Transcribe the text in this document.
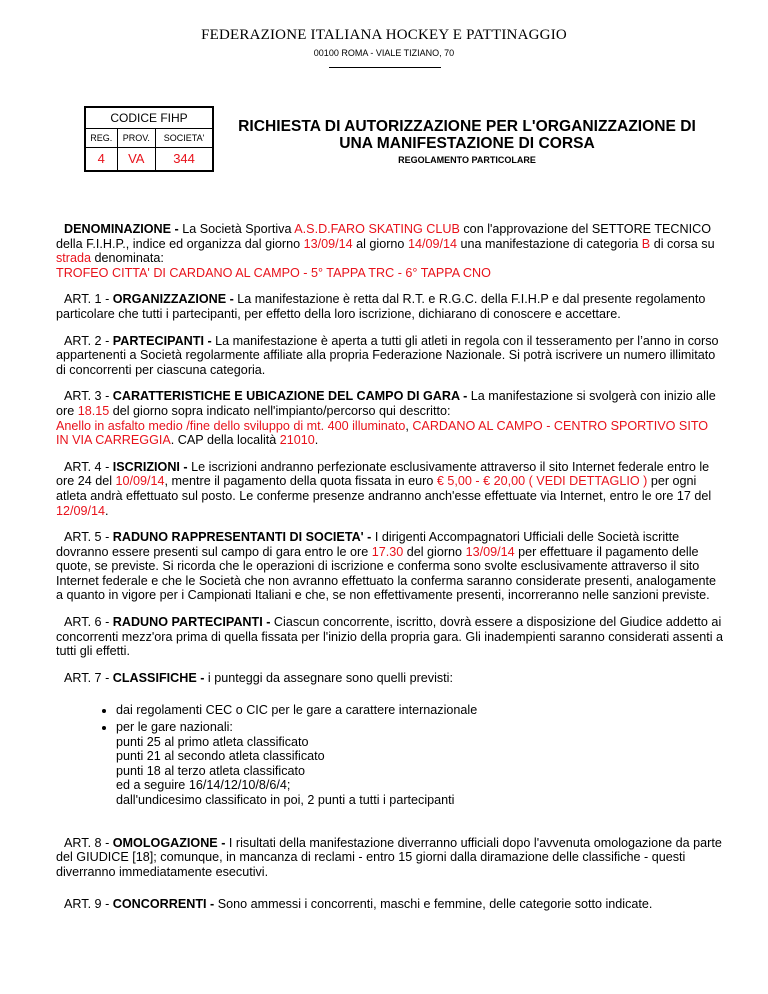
FEDERAZIONE ITALIANA HOCKEY E PATTINAGGIO
00100 ROMA - VIALE TIZIANO, 70
CODICE FIHP		
REG.	PROV.	SOCIETA'
4	VA	344
RICHIESTA DI AUTORIZZAZIONE PER L'ORGANIZZAZIONE DI UNA MANIFESTAZIONE DI CORSA
REGOLAMENTO PARTICOLARE

DENOMINAZIONE - La Società Sportiva A.S.D.FARO SKATING CLUB con l'approvazione del SETTORE TECNICO della F.I.H.P., indice ed organizza dal giorno 13/09/14 al giorno 14/09/14 una manifestazione di categoria B di corsa su strada denominata:
TROFEO CITTA' DI CARDANO AL CAMPO - 5° TAPPA TRC - 6° TAPPA CNO

ART. 1 - ORGANIZZAZIONE - La manifestazione è retta dal R.T. e R.G.C. della F.I.H.P e dal presente regolamento particolare che tutti i partecipanti, per effetto della loro iscrizione, dichiarano di conoscere e accettare.

ART. 2 - PARTECIPANTI - La manifestazione è aperta a tutti gli atleti in regola con il tesseramento per l’anno in corso appartenenti a Società regolarmente affiliate alla propria Federazione Nazionale. Si potrà iscrivere un numero illimitato di concorrenti per ciascuna categoria.

ART. 3 - CARATTERISTICHE E UBICAZIONE DEL CAMPO DI GARA - La manifestazione si svolgerà con inizio alle ore 18.15 del giorno sopra indicato nell'impianto/percorso qui descritto:
Anello in asfalto medio /fine dello sviluppo di mt. 400 illuminato, CARDANO AL CAMPO - CENTRO SPORTIVO SITO IN VIA CARREGGIA. CAP della località 21010.

ART. 4 - ISCRIZIONI - Le iscrizioni andranno perfezionate esclusivamente attraverso il sito Internet federale entro le ore 24 del 10/09/14, mentre il pagamento della quota fissata in euro € 5,00 - € 20,00 ( VEDI DETTAGLIO ) per ogni atleta andrà effettuato sul posto. Le conferme presenze andranno anch'esse effettuate via Internet, entro le ore 17 del 12/09/14.

ART. 5 - RADUNO RAPPRESENTANTI DI SOCIETA' - I dirigenti Accompagnatori Ufficiali delle Società iscritte dovranno essere presenti sul campo di gara entro le ore 17.30 del giorno 13/09/14 per effettuare il pagamento delle quote, se previste. Si ricorda che le operazioni di iscrizione e conferma sono svolte esclusivamente attraverso il sito Internet federale e che le Società che non avranno effettuato la conferma saranno considerate presenti, analogamente a quanto in vigore per i Campionati Italiani e che, se non effettivamente presenti, incorreranno nelle sanzioni previste.

ART. 6 - RADUNO PARTECIPANTI - Ciascun concorrente, iscritto, dovrà essere a disposizione del Giudice addetto ai concorrenti mezz'ora prima di quella fissata per l'inizio della propria gara. Gli inadempienti saranno considerati assenti a tutti gli effetti.

ART. 7 - CLASSIFICHE - i punteggi da assegnare sono quelli previsti:

• dai regolamenti CEC o CIC per le gare a carattere internazionale
• per le gare nazionali:
punti 25 al primo atleta classificato
punti 21 al secondo atleta classificato
punti 18 al terzo atleta classificato
ed a seguire 16/14/12/10/8/6/4;
dall'undicesimo classificato in poi, 2 punti a tutti i partecipanti

ART. 8 - OMOLOGAZIONE - I risultati della manifestazione diverranno ufficiali dopo l'avvenuta omologazione da parte del GIUDICE [18]; comunque, in mancanza di reclami - entro 15 giorni dalla diramazione delle classifiche - questi diverranno immediatamente esecutivi.

ART. 9 - CONCORRENTI - Sono ammessi i concorrenti, maschi e femmine, delle categorie sotto indicate.
